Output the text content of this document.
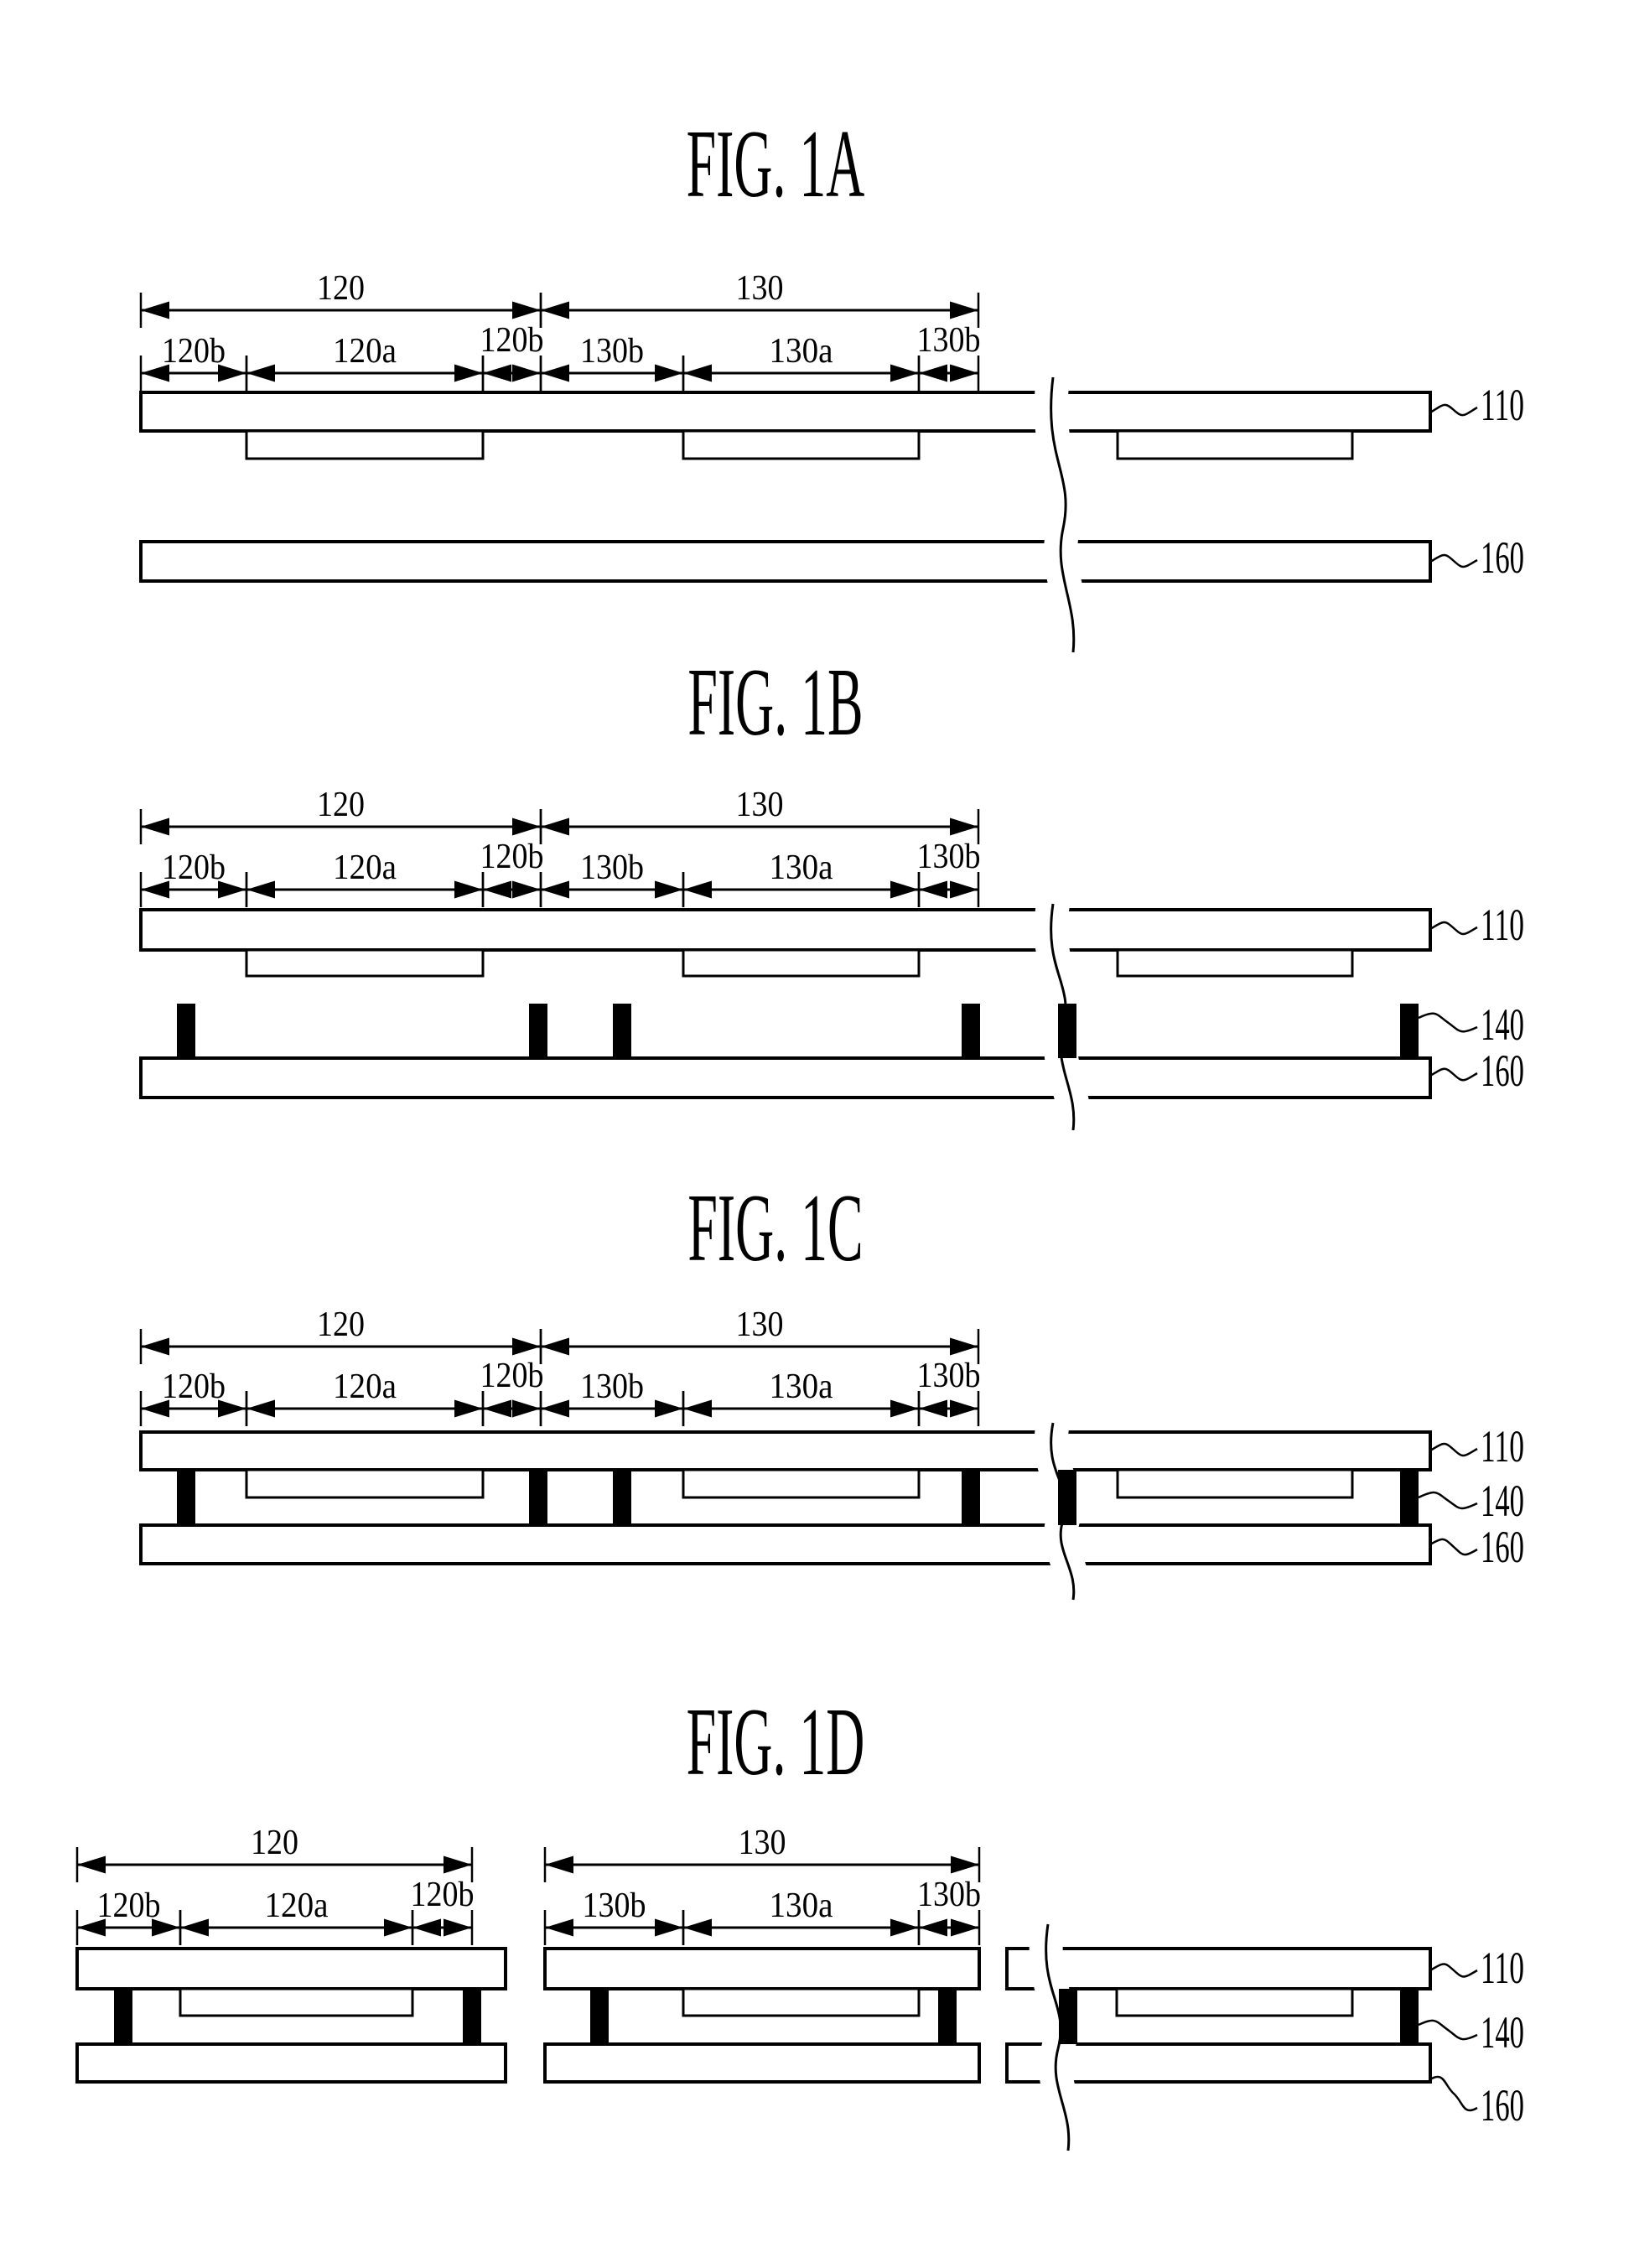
120	130
120b	120a 120b 130b	130a 130b
110
160
120	130
120b	120a 120b 130b	130a 130b
110
140
160
120	130
120b	120a 120b 130b	130a 130b
110
140
160
120	130
120b	120a 120b	130b	130a 130b
110
140
160
FIG. 1A
FIG. 1B
FIG. 1C
FIG. 1D
